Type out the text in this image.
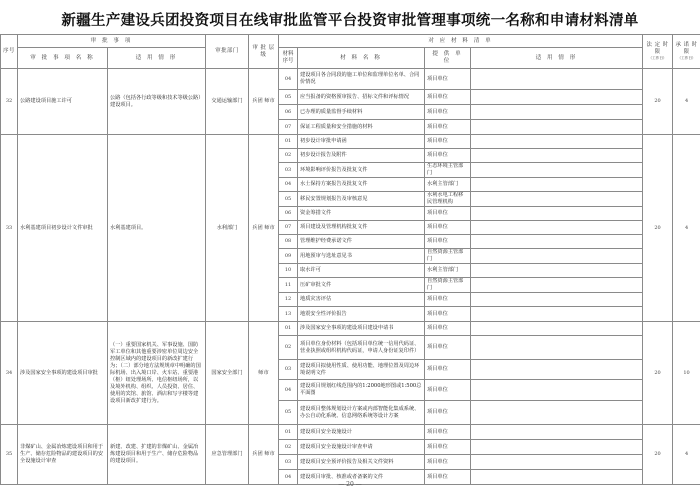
新疆生产建设兵团投资项目在线审批监管平台投资审批管理事项统一名称和申请材料清单
序号	审 批 事 项		审批部门	审 批 层 级	对 应 材 料 清 单				法 定 时 限
（工作日）	承 诺 时 限
（工作日）

	审 批 事 项 名 称	适 用 情 形			材料序号	材 料 名 称	提 供 单 位	适 用 情 形		
32	公路建设项目施工许可	公路（包括各行政等级和技术等级公路）建设项目。	交通运输部门	兵团 师市	04	建设项目各合同段的施工单位和监理单位名单、合同价情况	项目单位		20	4
					05	应当报备的资格预审报告、招标文件和评标情况	项目单位			
					06	已办理的质量监督手续材料	项目单位			
					07	保证工程质量和安全措施的材料	项目单位			
33	水利基建项目初步设计文件审批	水利基建项目。	水利部门	兵团 师市	01	初步设计审批申请函	项目单位		20	4
					02	初步设计报告及附件	项目单位			
					03	环境影响评价报告及批复文件	生态环境主管部门			
					04	水土保持方案报告及批复文件	水利主管部门			
					05	移民安置规划报告及审核意见	水利水电工程移民管理机构			
					06	资金筹措文件	项目单位			
					07	项目建设及管理机构批复文件	项目单位			
					08	管理维护经费承诺文件	项目单位			
					09	用地预审与选址意见书	自然资源主管部门			
					10	取水许可	水利主管部门			
					11	压矿审批文件	自然资源主管部门			
					12	地质灾害评估	项目单位			
					13	地震安全性评价报告	项目单位			
34	涉及国家安全事项的建设项目审批	（一）重要国家机关、军事设施、国防军工单位和其他重要涉密单位周边安全控制区域内的建设项目的新改扩建行为；（二）部分地方法规规章中明确的国际机场、出入境口岸、火车站、重要港（枢）纽处理场所、电信枢纽场所，以及境外机构、组织、人员投资、居住、使用的宾馆、旅馆、酒店和写字楼等建设项目新改扩建行为。	国家安全部门	师市	01	涉及国家安全事项的建设项目建设申请书	项目单位		20	10
					02	项目单位身份材料（包括项目单位统一信用代码证、营业执照或组织机构代码证，申请人身份证复印件）	项目单位			
					03	建设项目拟使用性质、使用功能、地理位置及周边环境说明文件	项目单位			
					04	建设项目规划红线范围内的1:2000地形图或1:500总平面图	项目单位			
					05	建设项目整体规划设计方案或内部智能化集成系统、办公自动化系统、信息网络系统等设计方案	项目单位			
35	非煤矿山、金属冶炼建设项目和用于生产、储存危险物品的建设项目的安全设施设计审查	新建、改建、扩建的非煤矿山、金属冶炼建设项目和用于生产、储存危险物品的建设项目。	应急管理部门	兵团 师市	01	建设项目安全设施设计	项目单位		20	4
					02	建设项目安全设施设计审查申请	项目单位			
					03	建设项目安全预评价报告及相关文件资料	项目单位			
					04	建设项目审批、核准或者备案的文件	项目单位			
— 20 —
